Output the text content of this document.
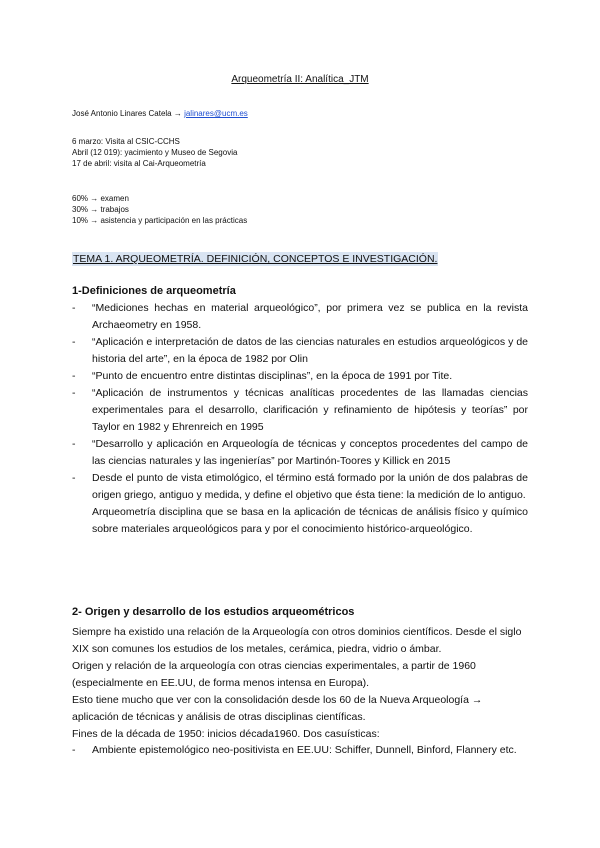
Arqueometría II: Analítica_JTM
José Antonio Linares Catela → jalinares@ucm.es
6 marzo: Visita al CSIC-CCHS
Abril (12 019): yacimiento y Museo de Segovia
17 de abril: visita al Cai-Arqueometría
60% → examen
30% → trabajos
10% → asistencia y participación en las prácticas
TEMA 1. ARQUEOMETRÍA. DEFINICIÓN, CONCEPTOS E INVESTIGACIÓN.
1-Definiciones de arqueometría
- “Mediciones hechas en material arqueológico”, por primera vez se publica en la revista Archaeometry en 1958.
- “Aplicación e interpretación de datos de las ciencias naturales en estudios arqueológicos y de historia del arte”, en la época de 1982 por Olin
- “Punto de encuentro entre distintas disciplinas”, en la época de 1991 por Tite.
- “Aplicación de instrumentos y técnicas analíticas procedentes de las llamadas ciencias experimentales para el desarrollo, clarificación y refinamiento de hipótesis y teorías” por Taylor en 1982 y Ehrenreich en 1995
- “Desarrollo y aplicación en Arqueología de técnicas y conceptos procedentes del campo de las ciencias naturales y las ingenierías” por Martinón-Toores y Killick en 2015
- Desde el punto de vista etimológico, el término está formado por la unión de dos palabras de origen griego, antiguo y medida, y define el objetivo que ésta tiene: la medición de lo antiguo.
Arqueometría disciplina que se basa en la aplicación de técnicas de análisis físico y químico sobre materiales arqueológicos para y por el conocimiento histórico-arqueológico.
2- Origen y desarrollo de los estudios arqueométricos
Siempre ha existido una relación de la Arqueología con otros dominios científicos. Desde el siglo XIX son comunes los estudios de los metales, cerámica, piedra, vidrio o ámbar.
Origen y relación de la arqueología con otras ciencias experimentales, a partir de 1960 (especialmente en EE.UU, de forma menos intensa en Europa).
Esto tiene mucho que ver con la consolidación desde los 60 de la Nueva Arqueología → aplicación de técnicas y análisis de otras disciplinas científicas.
Fines de la década de 1950: inicios década1960. Dos casuísticas:
- Ambiente epistemológico neo-positivista en EE.UU: Schiffer, Dunnell, Binford, Flannery etc.
